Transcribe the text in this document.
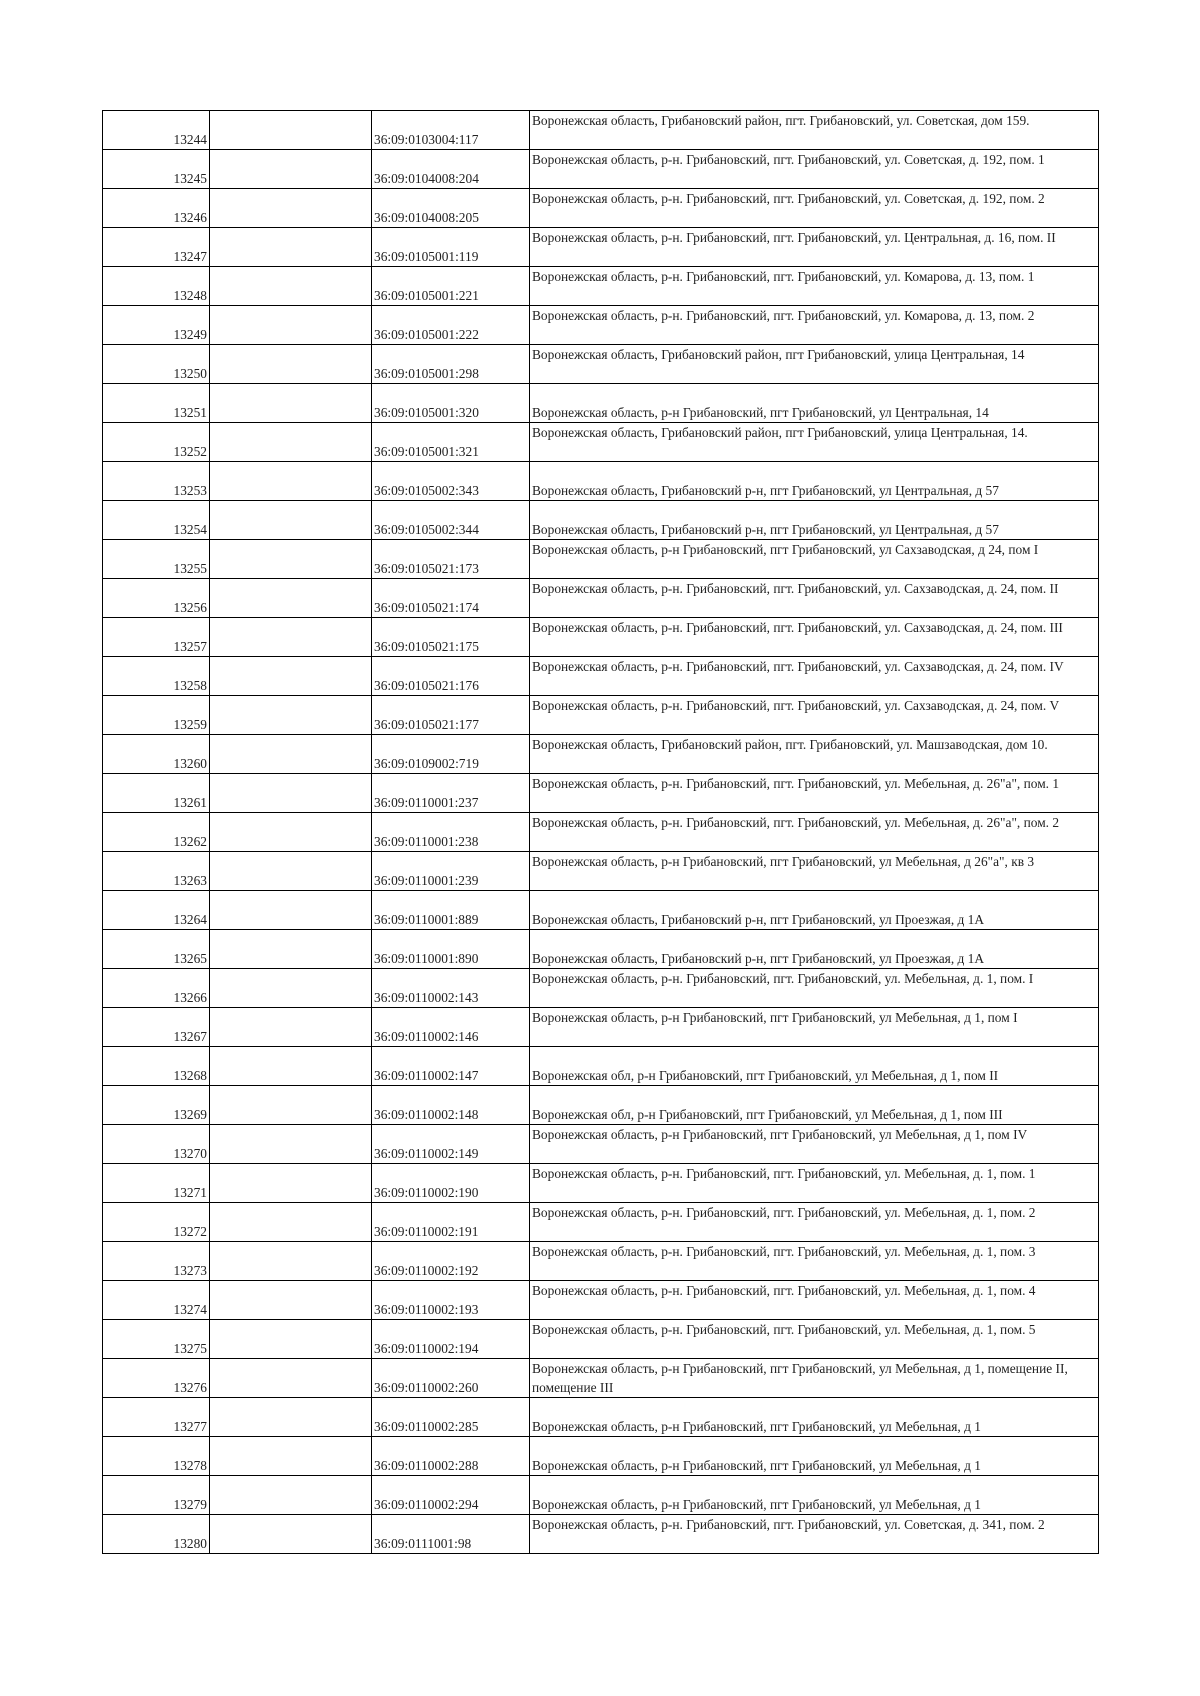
13244		36:09:0103004:117	Воронежская область, Грибановский район, пгт. Грибановский, ул. Советская, дом 159.
13245		36:09:0104008:204	Воронежская область, р-н. Грибановский, пгт. Грибановский, ул. Советская, д. 192, пом. 1
13246		36:09:0104008:205	Воронежская область, р-н. Грибановский, пгт. Грибановский, ул. Советская, д. 192, пом. 2
13247		36:09:0105001:119	Воронежская область, р-н. Грибановский, пгт. Грибановский, ул. Центральная, д. 16, пом. II
13248		36:09:0105001:221	Воронежская область, р-н. Грибановский, пгт. Грибановский, ул. Комарова, д. 13, пом. 1
13249		36:09:0105001:222	Воронежская область, р-н. Грибановский, пгт. Грибановский, ул. Комарова, д. 13, пом. 2
13250		36:09:0105001:298	Воронежская область, Грибановский район, пгт Грибановский, улица Центральная, 14
13251		36:09:0105001:320	Воронежская область, р-н Грибановский, пгт Грибановский, ул Центральная, 14
13252		36:09:0105001:321	Воронежская область, Грибановский район, пгт Грибановский, улица Центральная, 14.
13253		36:09:0105002:343	Воронежская область, Грибановский р-н, пгт Грибановский, ул Центральная, д 57
13254		36:09:0105002:344	Воронежская область, Грибановский р-н, пгт Грибановский, ул Центральная, д 57
13255		36:09:0105021:173	Воронежская область, р-н Грибановский, пгт Грибановский, ул Сахзаводская, д 24, пом I
13256		36:09:0105021:174	Воронежская область, р-н. Грибановский, пгт. Грибановский, ул. Сахзаводская, д. 24, пом. II
13257		36:09:0105021:175	Воронежская область, р-н. Грибановский, пгт. Грибановский, ул. Сахзаводская, д. 24, пом. III
13258		36:09:0105021:176	Воронежская область, р-н. Грибановский, пгт. Грибановский, ул. Сахзаводская, д. 24, пом. IV
13259		36:09:0105021:177	Воронежская область, р-н. Грибановский, пгт. Грибановский, ул. Сахзаводская, д. 24, пом. V
13260		36:09:0109002:719	Воронежская область, Грибановский район, пгт. Грибановский, ул. Машзаводская, дом 10.
13261		36:09:0110001:237	Воронежская область, р-н. Грибановский, пгт. Грибановский, ул. Мебельная, д. 26"а", пом. 1
13262		36:09:0110001:238	Воронежская область, р-н. Грибановский, пгт. Грибановский, ул. Мебельная, д. 26"а", пом. 2
13263		36:09:0110001:239	Воронежская область, р-н Грибановский, пгт Грибановский, ул Мебельная, д 26"а", кв 3
13264		36:09:0110001:889	Воронежская область, Грибановский р-н, пгт Грибановский, ул Проезжая, д 1А
13265		36:09:0110001:890	Воронежская область, Грибановский р-н, пгт Грибановский, ул Проезжая, д 1А
13266		36:09:0110002:143	Воронежская область, р-н. Грибановский, пгт. Грибановский, ул. Мебельная, д. 1, пом. I
13267		36:09:0110002:146	Воронежская область, р-н Грибановский, пгт Грибановский, ул Мебельная, д 1, пом I
13268		36:09:0110002:147	Воронежская обл, р-н Грибановский, пгт Грибановский, ул Мебельная, д 1, пом II
13269		36:09:0110002:148	Воронежская обл, р-н Грибановский, пгт Грибановский, ул Мебельная, д 1, пом III
13270		36:09:0110002:149	Воронежская область, р-н Грибановский, пгт Грибановский, ул Мебельная, д 1, пом IV
13271		36:09:0110002:190	Воронежская область, р-н. Грибановский, пгт. Грибановский, ул. Мебельная, д. 1, пом. 1
13272		36:09:0110002:191	Воронежская область, р-н. Грибановский, пгт. Грибановский, ул. Мебельная, д. 1, пом. 2
13273		36:09:0110002:192	Воронежская область, р-н. Грибановский, пгт. Грибановский, ул. Мебельная, д. 1, пом. 3
13274		36:09:0110002:193	Воронежская область, р-н. Грибановский, пгт. Грибановский, ул. Мебельная, д. 1, пом. 4
13275		36:09:0110002:194	Воронежская область, р-н. Грибановский, пгт. Грибановский, ул. Мебельная, д. 1, пом. 5
13276		36:09:0110002:260	Воронежская область, р-н Грибановский, пгт Грибановский, ул Мебельная, д 1, помещение II, помещение III
13277		36:09:0110002:285	Воронежская область, р-н Грибановский, пгт Грибановский, ул Мебельная, д 1
13278		36:09:0110002:288	Воронежская область, р-н Грибановский, пгт Грибановский, ул Мебельная, д 1
13279		36:09:0110002:294	Воронежская область, р-н Грибановский, пгт Грибановский, ул Мебельная, д 1
13280		36:09:0111001:98	Воронежская область, р-н. Грибановский, пгт. Грибановский, ул. Советская, д. 341, пом. 2
